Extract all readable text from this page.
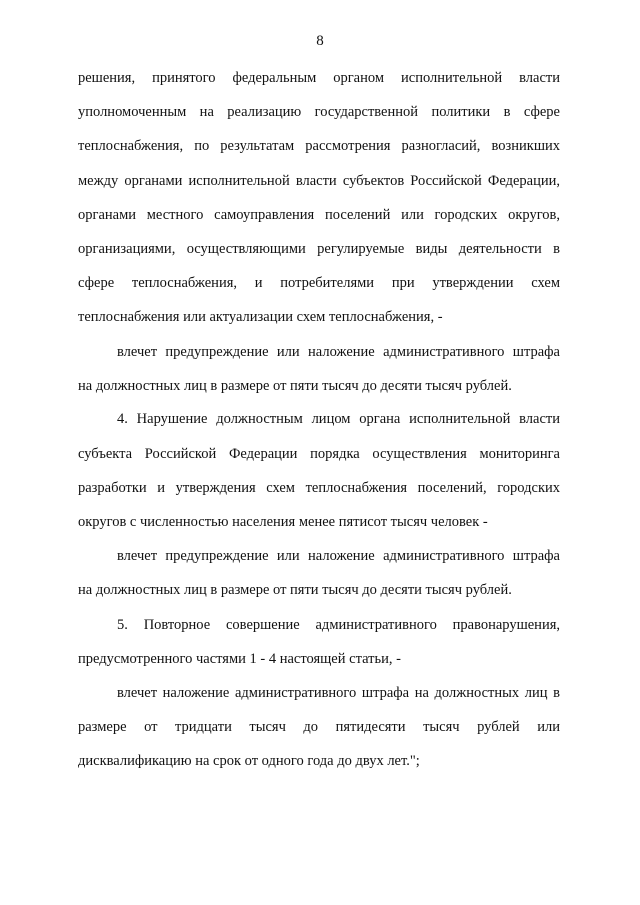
8
решения, принятого федеральным органом исполнительной власти
уполномоченным на реализацию государственной политики в сфере
теплоснабжения, по результатам рассмотрения разногласий, возникших
между органами исполнительной власти субъектов Российской Федерации,
органами местного самоуправления поселений или городских округов,
организациями, осуществляющими регулируемые виды деятельности в
сфере теплоснабжения, и потребителями при утверждении схем
теплоснабжения или актуализации схем теплоснабжения, -
влечет предупреждение или наложение административного штрафа
на должностных лиц в размере от пяти тысяч до десяти тысяч рублей.
4. Нарушение должностным лицом органа исполнительной власти
субъекта Российской Федерации порядка осуществления мониторинга
разработки и утверждения схем теплоснабжения поселений, городских
округов с численностью населения менее пятисот тысяч человек -
влечет предупреждение или наложение административного штрафа
на должностных лиц в размере от пяти тысяч до десяти тысяч рублей.
5. Повторное совершение административного правонарушения,
предусмотренного частями 1 - 4 настоящей статьи, -
влечет наложение административного штрафа на должностных лиц в
размере от тридцати тысяч до пятидесяти тысяч рублей или
дисквалификацию на срок от одного года до двух лет.";
